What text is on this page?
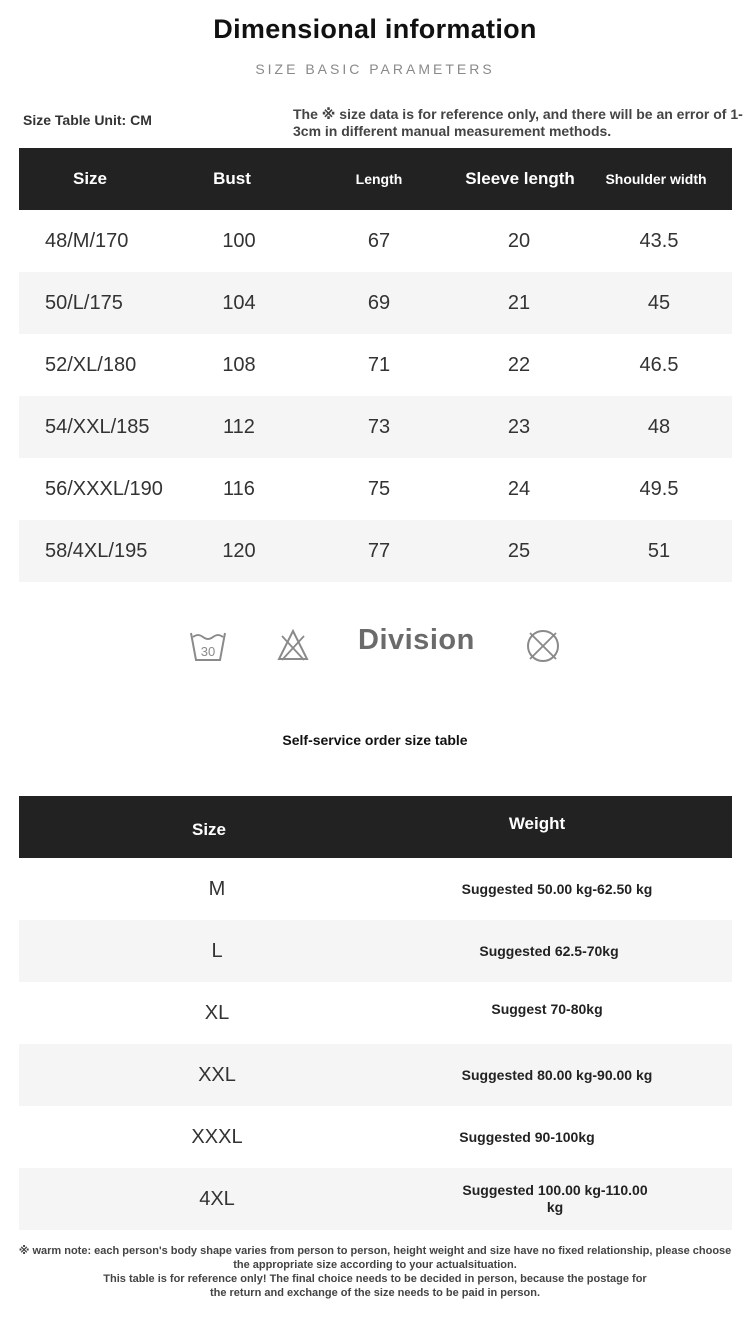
Dimensional information
SIZE BASIC PARAMETERS
Size Table Unit: CM	The ※ size data is for reference only, and there will be an error of 1-3cm in different manual measurement methods.
Size	Bust	Length	Sleeve length	Shoulder width
48/M/170	100	67	20	43.5
50/L/175	104	69	21	45
52/XL/180	108	71	22	46.5
54/XXL/185	112	73	23	48
56/XXXL/190	116	75	24	49.5
58/4XL/195	120	77	25	51
30	Division
Self-service order size table
Size	Weight
M	Suggested 50.00 kg-62.50 kg
L	Suggested 62.5-70kg
XL	Suggest 70-80kg
XXL	Suggested 80.00 kg-90.00 kg
XXXL	Suggested 90-100kg
4XL	Suggested 100.00 kg-110.00 kg
※ warm note: each person's body shape varies from person to person, height weight and size have no fixed relationship, please choose
the appropriate size according to your actualsituation.
This table is for reference only! The final choice needs to be decided in person, because the postage for
the return and exchange of the size needs to be paid in person.
